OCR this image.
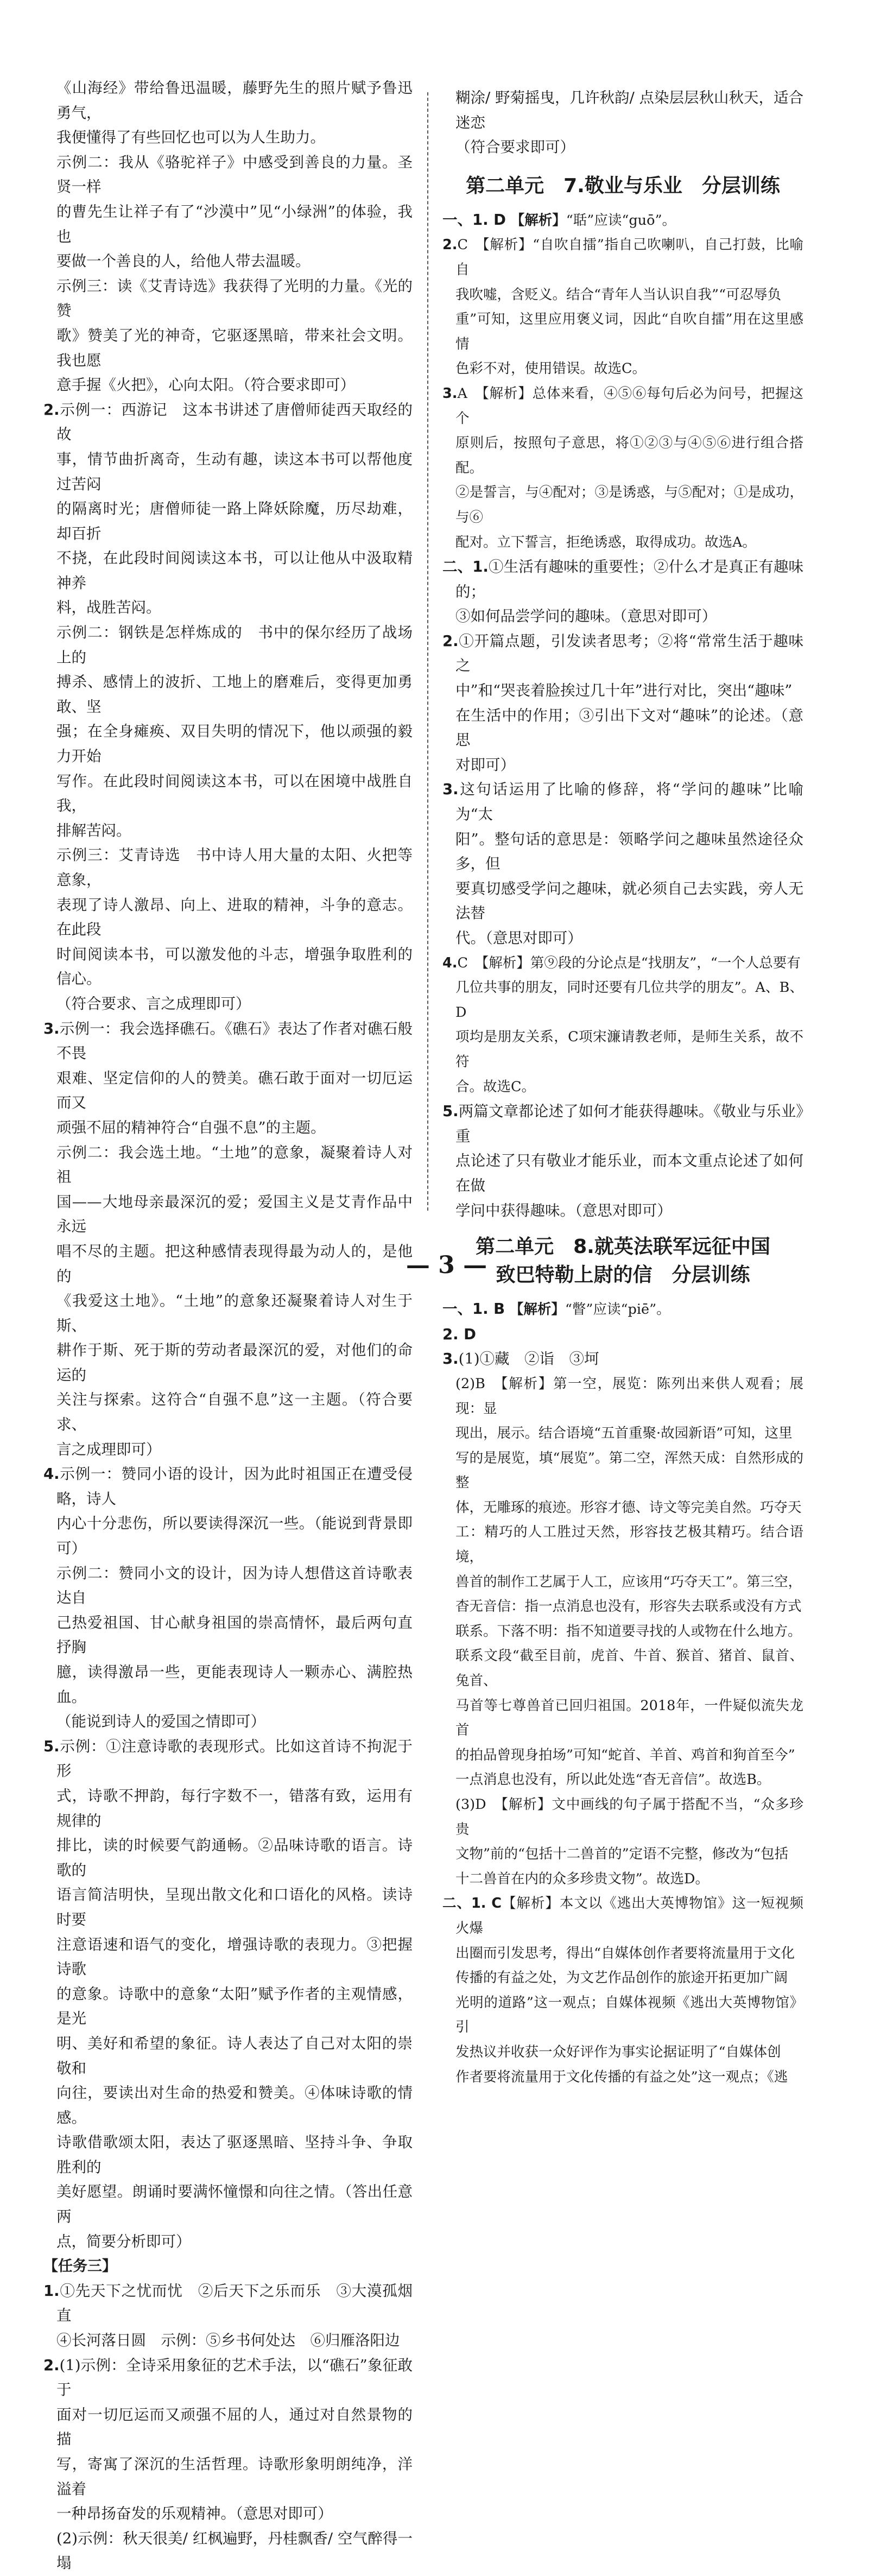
《山海经》带给鲁迅温暖，藤野先生的照片赋予鲁迅勇气，
我便懂得了有些回忆也可以为人生助力。

示例二：我从《骆驼祥子》中感受到善良的力量。圣贤一样
的曹先生让祥子有了“沙漠中”见“小绿洲”的体验，我也
要做一个善良的人，给他人带去温暖。

示例三：读《艾青诗选》我获得了光明的力量。《光的赞
歌》赞美了光的神奇，它驱逐黑暗，带来社会文明。我也愿
意手握《火把》，心向太阳。（符合要求即可）

2.示例一：西游记　这本书讲述了唐僧师徒西天取经的故
事，情节曲折离奇，生动有趣，读这本书可以帮他度过苦闷
的隔离时光；唐僧师徒一路上降妖除魔，历尽劫难，却百折
不挠，在此段时间阅读这本书，可以让他从中汲取精神养
料，战胜苦闷。

示例二：钢铁是怎样炼成的　书中的保尔经历了战场上的
搏杀、感情上的波折、工地上的磨难后，变得更加勇敢、坚
强；在全身瘫痪、双目失明的情况下，他以顽强的毅力开始
写作。在此段时间阅读这本书，可以在困境中战胜自我，
排解苦闷。

示例三：艾青诗选　书中诗人用大量的太阳、火把等意象，
表现了诗人激昂、向上、进取的精神，斗争的意志。在此段
时间阅读本书，可以激发他的斗志，增强争取胜利的信心。
（符合要求、言之成理即可）

3.示例一：我会选择礁石。《礁石》表达了作者对礁石般不畏
艰难、坚定信仰的人的赞美。礁石敢于面对一切厄运而又
顽强不屈的精神符合“自强不息”的主题。

示例二：我会选土地。“土地”的意象，凝聚着诗人对祖
国——大地母亲最深沉的爱；爱国主义是艾青作品中永远
唱不尽的主题。把这种感情表现得最为动人的，是他的
《我爱这土地》。“土地”的意象还凝聚着诗人对生于斯、
耕作于斯、死于斯的劳动者最深沉的爱，对他们的命运的
关注与探索。这符合“自强不息”这一主题。（符合要求、
言之成理即可）

4.示例一：赞同小语的设计，因为此时祖国正在遭受侵略，诗人
内心十分悲伤，所以要读得深沉一些。（能说到背景即可）

示例二：赞同小文的设计，因为诗人想借这首诗歌表达自
己热爱祖国、甘心献身祖国的崇高情怀，最后两句直抒胸
臆，读得激昂一些，更能表现诗人一颗赤心、满腔热血。
（能说到诗人的爱国之情即可）

5.示例：①注意诗歌的表现形式。比如这首诗不拘泥于形
式，诗歌不押韵，每行字数不一，错落有致，运用有规律的
排比，读的时候要气韵通畅。②品味诗歌的语言。诗歌的
语言简洁明快，呈现出散文化和口语化的风格。读诗时要
注意语速和语气的变化，增强诗歌的表现力。③把握诗歌
的意象。诗歌中的意象“太阳”赋予作者的主观情感，是光
明、美好和希望的象征。诗人表达了自己对太阳的崇敬和
向往，要读出对生命的热爱和赞美。④体味诗歌的情感。
诗歌借歌颂太阳，表达了驱逐黑暗、坚持斗争、争取胜利的
美好愿望。朗诵时要满怀憧憬和向往之情。（答出任意两
点，简要分析即可）

【任务三】

1.①先天下之忧而忧　②后天下之乐而乐　③大漠孤烟直
④长河落日圆　示例：⑤乡书何处达　⑥归雁洛阳边

2.(1)示例：全诗采用象征的艺术手法，以“礁石”象征敢于
面对一切厄运而又顽强不屈的人，通过对自然景物的描
写，寄寓了深沉的生活哲理。诗歌形象明朗纯净，洋溢着
一种昂扬奋发的乐观精神。（意思对即可）

(2)示例：秋天很美/ 红枫遍野，丹桂飘香/ 空气醉得一塌

糊涂/ 野菊摇曳，几许秋韵/ 点染层层秋山秋天，适合迷恋
（符合要求即可）

第二单元　7.敬业与乐业　分层训练

一、1. D 【解析】“聒”应读“guō”。

2.C　【解析】“自吹自擂”指自己吹喇叭，自己打鼓，比喻自
我吹嘘，含贬义。结合“青年人当认识自我”“可忍辱负
重”可知，这里应用褒义词，因此“自吹自擂”用在这里感情
色彩不对，使用错误。故选C。

3.A　【解析】总体来看，④⑤⑥每句后必为问号，把握这个
原则后，按照句子意思，将①②③与④⑤⑥进行组合搭配。
②是誓言，与④配对；③是诱惑，与⑤配对；①是成功，与⑥
配对。立下誓言，拒绝诱惑，取得成功。故选A。

二、1.①生活有趣味的重要性；②什么才是真正有趣味的；
③如何品尝学问的趣味。（意思对即可）

2.①开篇点题，引发读者思考；②将“常常生活于趣味之
中”和“哭丧着脸挨过几十年”进行对比，突出“趣味”
在生活中的作用；③引出下文对“趣味”的论述。（意思
对即可）

3.这句话运用了比喻的修辞，将“学问的趣味”比喻为“太
阳”。整句话的意思是：领略学问之趣味虽然途径众多，但
要真切感受学问之趣味，就必须自己去实践，旁人无法替
代。（意思对即可）

4.C　【解析】第⑨段的分论点是“找朋友”，“一个人总要有
几位共事的朋友，同时还要有几位共学的朋友”。A、B、D
项均是朋友关系，C项宋濂请教老师，是师生关系，故不符
合。故选C。

5.两篇文章都论述了如何才能获得趣味。《敬业与乐业》重
点论述了只有敬业才能乐业，而本文重点论述了如何在做
学问中获得趣味。（意思对即可）

第二单元　8.就英法联军远征中国
致巴特勒上尉的信　分层训练

一、1. B 【解析】“瞥”应读“piē”。

2. D

3.(1)①藏　②诣　③坷

(2)B　【解析】第一空，展览：陈列出来供人观看；展现：显
现出，展示。结合语境“五首重聚·故园新语”可知，这里
写的是展览，填“展览”。第二空，浑然天成：自然形成的整
体，无雕琢的痕迹。形容才德、诗文等完美自然。巧夺天
工：精巧的人工胜过天然，形容技艺极其精巧。结合语境，
兽首的制作工艺属于人工，应该用“巧夺天工”。第三空，
杳无音信：指一点消息也没有，形容失去联系或没有方式
联系。下落不明：指不知道要寻找的人或物在什么地方。
联系文段“截至目前，虎首、牛首、猴首、猪首、鼠首、兔首、
马首等七尊兽首已回归祖国。2018年，一件疑似流失龙首
的拍品曾现身拍场”可知“蛇首、羊首、鸡首和狗首至今”
一点消息也没有，所以此处选“杳无音信”。故选B。

(3)D　【解析】文中画线的句子属于搭配不当，“众多珍贵
文物”前的“包括十二兽首的”定语不完整，修改为“包括
十二兽首在内的众多珍贵文物”。故选D。

二、1. C【解析】本文以《逃出大英博物馆》这一短视频火爆
出圈而引发思考，得出“自媒体创作者要将流量用于文化
传播的有益之处，为文艺作品创作的旅途开拓更加广阔
光明的道路”这一观点；自媒体视频《逃出大英博物馆》引
发热议并收获一众好评作为事实论据证明了“自媒体创
作者要将流量用于文化传播的有益之处”这一观点；《逃

— 3 —
